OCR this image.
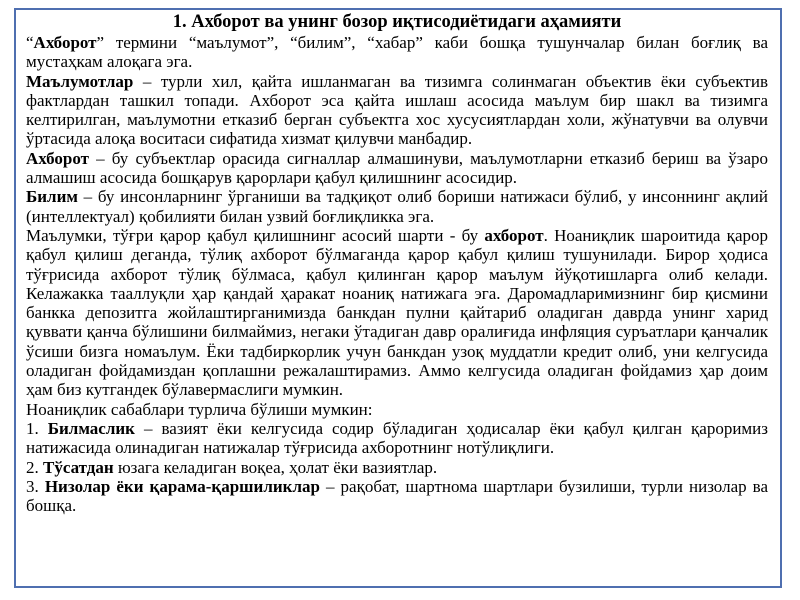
1. Ахборот ва унинг бозор иқтисодиётидаги аҳамияти

“Ахборот” термини “маълумот”, “билим”, “хабар” каби бошқа тушунчалар билан боғлиқ ва мустаҳкам алоқага эга.

Маълумотлар – турли хил, қайта ишланмаган ва тизимга солинмаган объектив ёки субъектив фактлардан ташкил топади. Ахборот эса қайта ишлаш асосида маълум бир шакл ва тизимга келтирилган, маълумотни етказиб берган субъектга хос хусусиятлардан холи, жўнатувчи ва олувчи ўртасида алоқа воситаси сифатида хизмат қилувчи манбадир.

Ахборот – бу субъектлар орасида сигналлар алмашинуви, маълумотларни етказиб бериш ва ўзаро алмашиш асосида бошқарув қарорлари қабул қилишнинг асосидир.

Билим – бу инсонларнинг ўрганиши ва тадқиқот олиб бориши натижаси бўлиб, у инсоннинг ақлий (интеллектуал) қобилияти билан узвий боғлиқликка эга.

Маълумки, тўғри қарор қабул қилишнинг асосий шарти - бу ахборот. Ноаниқлик шароитида қарор қабул қилиш деганда, тўлиқ ахборот бўлмаганда қарор қабул қилиш тушунилади. Бирор ҳодиса тўғрисида ахборот тўлиқ бўлмаса, қабул қилинган қарор маълум йўқотишларга олиб келади. Келажакка тааллуқли ҳар қандай ҳаракат ноаниқ натижага эга. Даромадларимизнинг бир қисмини банкка депозитга жойлаштирганимизда банкдан пулни қайтариб оладиган даврда унинг харид қуввати қанча бўлишини билмаймиз, негаки ўтадиган давр оралиғида инфляция суръатлари қанчалик ўсиши бизга номаълум. Ёки тадбиркорлик учун банкдан узоқ муддатли кредит олиб, уни келгусида оладиган фойдамиздан қоплашни режалаштирамиз. Аммо келгусида оладиган фойдамиз ҳар доим ҳам биз кутгандек бўлавермаслиги мумкин.

Ноаниқлик сабаблари турлича бўлиши мумкин:

1. Билмаслик – вазият ёки келгусида содир бўладиган ҳодисалар ёки қабул қилган қароримиз натижасида олинадиган натижалар тўғрисида ахборотнинг нотўлиқлиги.

2. Тўсатдан юзага келадиган воқеа, ҳолат ёки вазиятлар.

3. Низолар ёки қарама-қаршиликлар – рақобат, шартнома шартлари бузилиши, турли низолар ва бошқа.
